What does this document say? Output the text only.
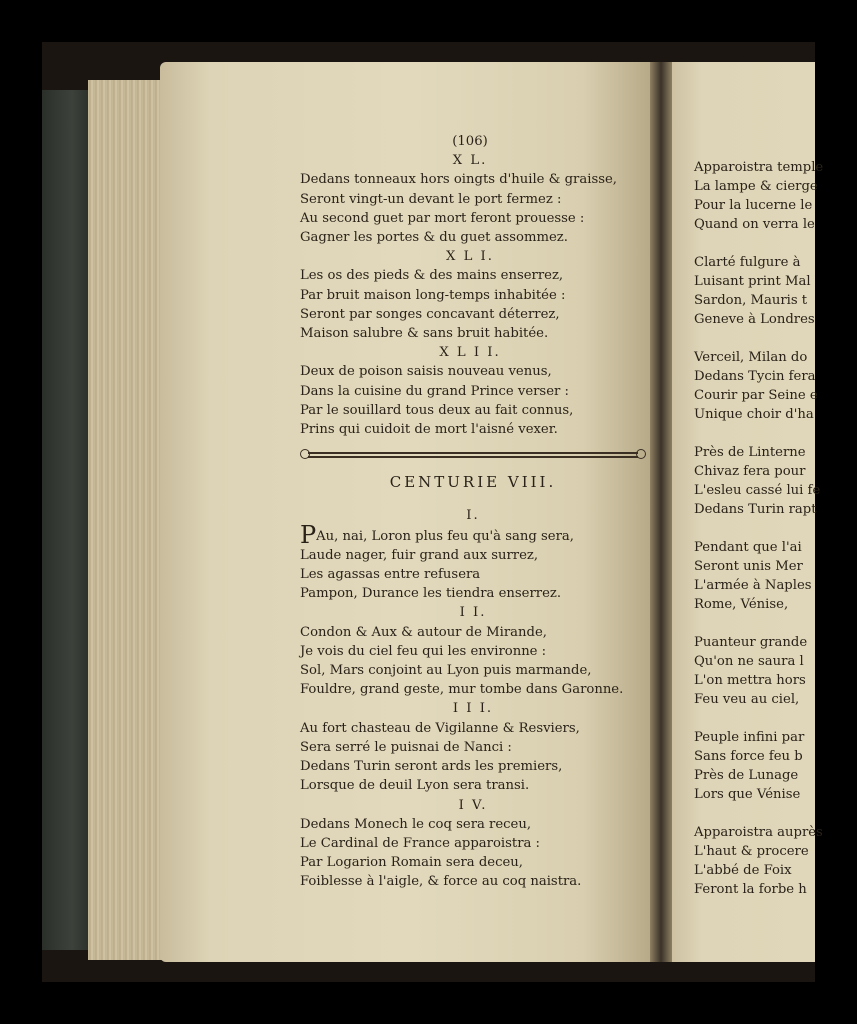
(106)
X L.
Dedans tonneaux hors oingts d'huile & graisse,
Seront vingt-un devant le port fermez :
Au second guet par mort feront prouesse :
Gagner les portes & du guet assommez.
X L I.
Les os des pieds & des mains enserrez,
Par bruit maison long-temps inhabitée :
Seront par songes concavant déterrez,
Maison salubre & sans bruit habitée.
X L I I.
Deux de poison saisis nouveau venus,
Dans la cuisine du grand Prince verser :
Par le souillard tous deux au fait connus,
Prins qui cuidoit de mort l'aisné vexer.
CENTURIE VIII.
I.
PAu, nai, Loron plus feu qu'à sang sera,
Laude nager, fuir grand aux surrez,
Les agassas entre refusera
Pampon, Durance les tiendra enserrez.
I I.
Condon & Aux & autour de Mirande,
Je vois du ciel feu qui les environne :
Sol, Mars conjoint au Lyon puis marmande,
Fouldre, grand geste, mur tombe dans Garonne.
I I I.
Au fort chasteau de Vigilanne & Resviers,
Sera serré le puisnai de Nanci :
Dedans Turin seront ards les premiers,
Lorsque de deuil Lyon sera transi.
I V.
Dedans Monech le coq sera receu,
Le Cardinal de France apparoistra :
Par Logarion Romain sera deceu,
Foiblesse à l'aigle, & force au coq naistra.
Apparoistra temple
La lampe & cierge
Pour la lucerne le
Quand on verra le
Clarté fulgure à
Luisant print Mal
Sardon, Mauris t
Geneve à Londres
Verceil, Milan do
Dedans Tycin fera
Courir par Seine e
Unique choir d'ha
Près de Linterne
Chivaz fera pour
L'esleu cassé lui fe
Dedans Turin rapt
Pendant que l'ai
Seront unis Mer
L'armée à Naples
Rome, Vénise,
Puanteur grande
Qu'on ne saura l
L'on mettra hors
Feu veu au ciel,
Peuple infini par
Sans force feu b
Près de Lunage
Lors que Vénise
Apparoistra auprès
L'haut & procere
L'abbé de Foix
Feront la forbe h
